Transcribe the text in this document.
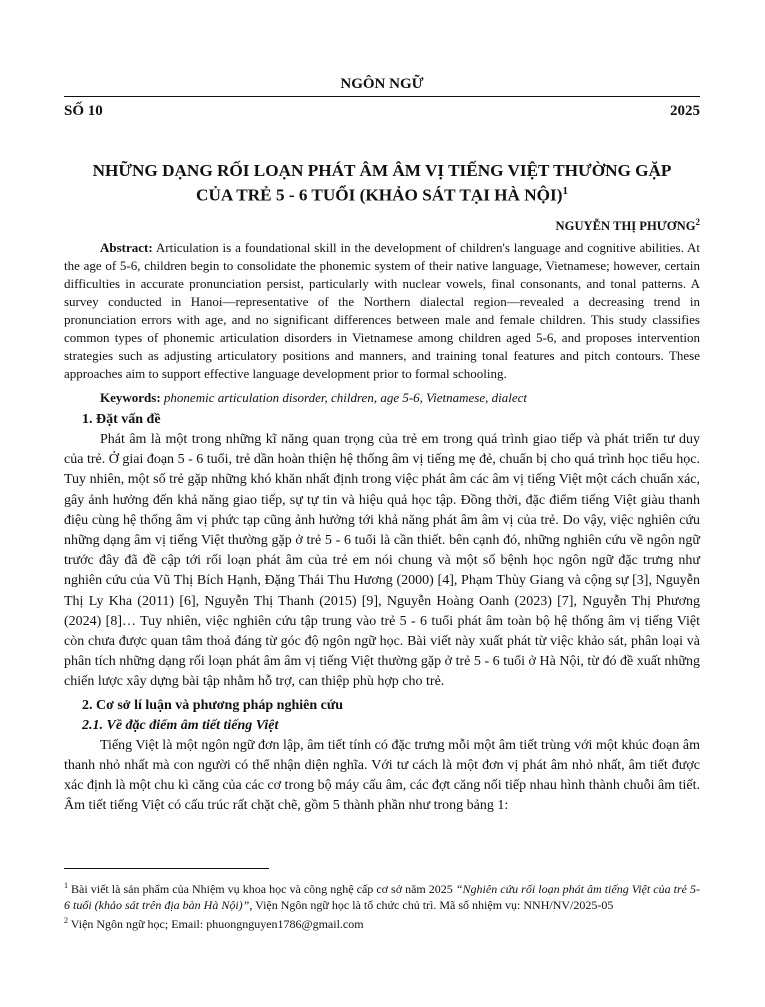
NGÔN NGỮ
SỐ 10	2025
NHỮNG DẠNG RỐI LOẠN PHÁT ÂM ÂM VỊ TIẾNG VIỆT THƯỜNG GẶP
CỦA TRẺ 5 - 6 TUỔI (KHẢO SÁT TẠI HÀ NỘI)$^1$
NGUYỄN THỊ PHƯƠNG$^2$

Abstract: Articulation is a foundational skill in the development of children's language and cognitive abilities. At the age of 5-6, children begin to consolidate the phonemic system of their native language, Vietnamese; however, certain difficulties in accurate pronunciation persist, particularly with nuclear vowels, final consonants, and tonal patterns. A survey conducted in Hanoi—representative of the Northern dialectal region—revealed a decreasing trend in pronunciation errors with age, and no significant differences between male and female children. This study classifies common types of phonemic articulation disorders in Vietnamese among children aged 5-6, and proposes intervention strategies such as adjusting articulatory positions and manners, and training tonal features and pitch contours. These approaches aim to support effective language development prior to formal schooling.

Keywords: phonemic articulation disorder, children, age 5-6, Vietnamese, dialect

1. Đặt vấn đề

Phát âm là một trong những kĩ năng quan trọng của trẻ em trong quá trình giao tiếp và phát triển tư duy của trẻ. Ở giai đoạn 5 - 6 tuổi, trẻ dần hoàn thiện hệ thống âm vị tiếng mẹ đẻ, chuẩn bị cho quá trình học tiểu học. Tuy nhiên, một số trẻ gặp những khó khăn nhất định trong việc phát âm các âm vị tiếng Việt một cách chuẩn xác, gây ảnh hưởng đến khả năng giao tiếp, sự tự tin và hiệu quả học tập. Đồng thời, đặc điểm tiếng Việt giàu thanh điệu cùng hệ thống âm vị phức tạp cũng ảnh hưởng tới khả năng phát âm âm vị của trẻ. Do vậy, việc nghiên cứu những dạng âm vị tiếng Việt thường gặp ở trẻ 5 - 6 tuổi là cần thiết. bên cạnh đó, những nghiên cứu về ngôn ngữ trước đây đã đề cập tới rối loạn phát âm của trẻ em nói chung và một số bệnh học ngôn ngữ đặc trưng như nghiên cứu của Vũ Thị Bích Hạnh, Đặng Thái Thu Hương (2000) [4], Phạm Thùy Giang và cộng sự [3], Nguyễn Thị Ly Kha (2011) [6], Nguyễn Thị Thanh (2015) [9], Nguyễn Hoàng Oanh (2023) [7], Nguyễn Thị Phương (2024) [8]… Tuy nhiên, việc nghiên cứu tập trung vào trẻ 5 - 6 tuổi phát âm toàn bộ hệ thống âm vị tiếng Việt còn chưa được quan tâm thoả đáng từ góc độ ngôn ngữ học. Bài viết này xuất phát từ việc khảo sát, phân loại và phân tích những dạng rối loạn phát âm âm vị tiếng Việt thường gặp ở trẻ 5 - 6 tuổi ở Hà Nội, từ đó đề xuất những chiến lược xây dựng bài tập nhằm hỗ trợ, can thiệp phù hợp cho trẻ.

2. Cơ sở lí luận và phương pháp nghiên cứu
2.1. Về đặc điểm âm tiết tiếng Việt

Tiếng Việt là một ngôn ngữ đơn lập, âm tiết tính có đặc trưng mỗi một âm tiết trùng với một khúc đoạn âm thanh nhỏ nhất mà con người có thể nhận diện nghĩa. Với tư cách là một đơn vị phát âm nhỏ nhất, âm tiết được xác định là một chu kì căng của các cơ trong bộ máy cấu âm, các đợt căng nối tiếp nhau hình thành chuỗi âm tiết. Âm tiết tiếng Việt có cấu trúc rất chặt chẽ, gồm 5 thành phần như trong bảng 1:

$^1$ Bài viết là sản phẩm của Nhiệm vụ khoa học và công nghệ cấp cơ sở năm 2025 “Nghiên cứu rối loạn phát âm tiếng Việt của trẻ 5-6 tuổi (khảo sát trên địa bàn Hà Nội)”, Viện Ngôn ngữ học là tổ chức chủ trì. Mã số nhiệm vụ: NNH/NV/2025-05

$^2$ Viện Ngôn ngữ học; Email: phuongnguyen1786@gmail.com
